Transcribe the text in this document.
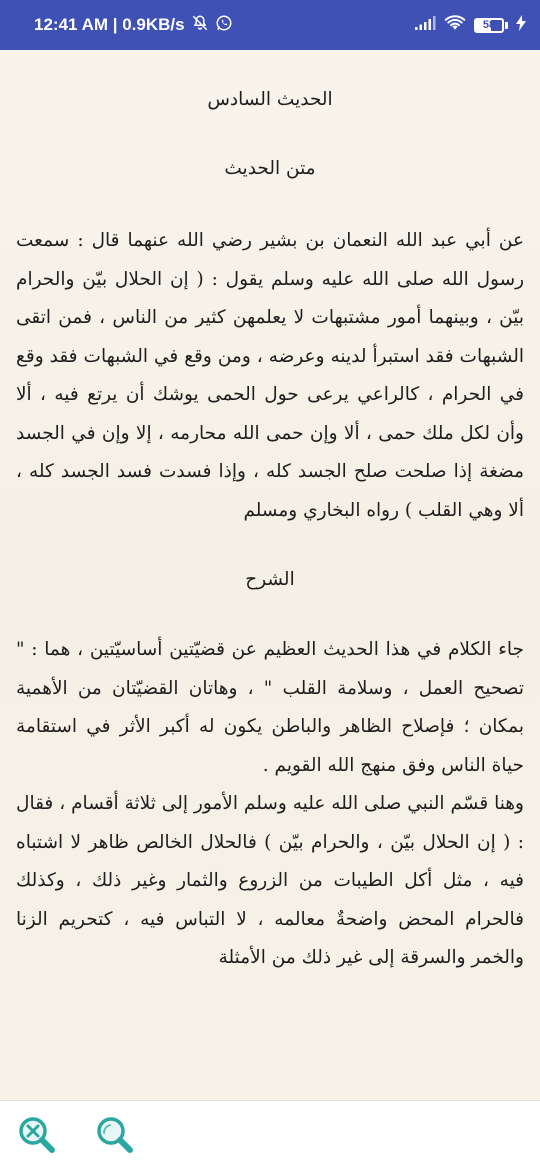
12:41 AM | 0.9KB/s	58

الحديث السادس

متن الحديث

عن أبي عبد الله النعمان بن بشير رضي الله عنهما قال : سمعت رسول الله صلى الله عليه وسلم يقول : ( إن الحلال بيّن والحرام بيّن ، وبينهما أمور مشتبهات لا يعلمهن كثير من الناس ، فمن اتقى الشبهات فقد استبرأ لدينه وعرضه ، ومن وقع في الشبهات فقد وقع في الحرام ، كالراعي يرعى حول الحمى يوشك أن يرتع فيه ، ألا وأن لكل ملك حمى ، ألا وإن حمى الله محارمه ، إلا وإن في الجسد مضغة إذا صلحت صلح الجسد كله ، وإذا فسدت فسد الجسد كله ، ألا وهي القلب ) رواه البخاري ومسلم

الشرح

جاء الكلام في هذا الحديث العظيم عن قضيّتين أساسيّتين ، هما : " تصحيح العمل ، وسلامة القلب " ، وهاتان القضيّتان من الأهمية بمكان ؛ فإصلاح الظاهر والباطن يكون له أكبر الأثر في استقامة حياة الناس وفق منهج الله القويم .

وهنا قسّم النبي صلى الله عليه وسلم الأمور إلى ثلاثة أقسام ، فقال : ( إن الحلال بيّن ، والحرام بيّن ) فالحلال الخالص ظاهر لا اشتباه فيه ، مثل أكل الطيبات من الزروع والثمار وغير ذلك ، وكذلك فالحرام المحض واضحةٌ معالمه ، لا التباس فيه ، كتحريم الزنا والخمر والسرقة إلى غير ذلك من الأمثلة
